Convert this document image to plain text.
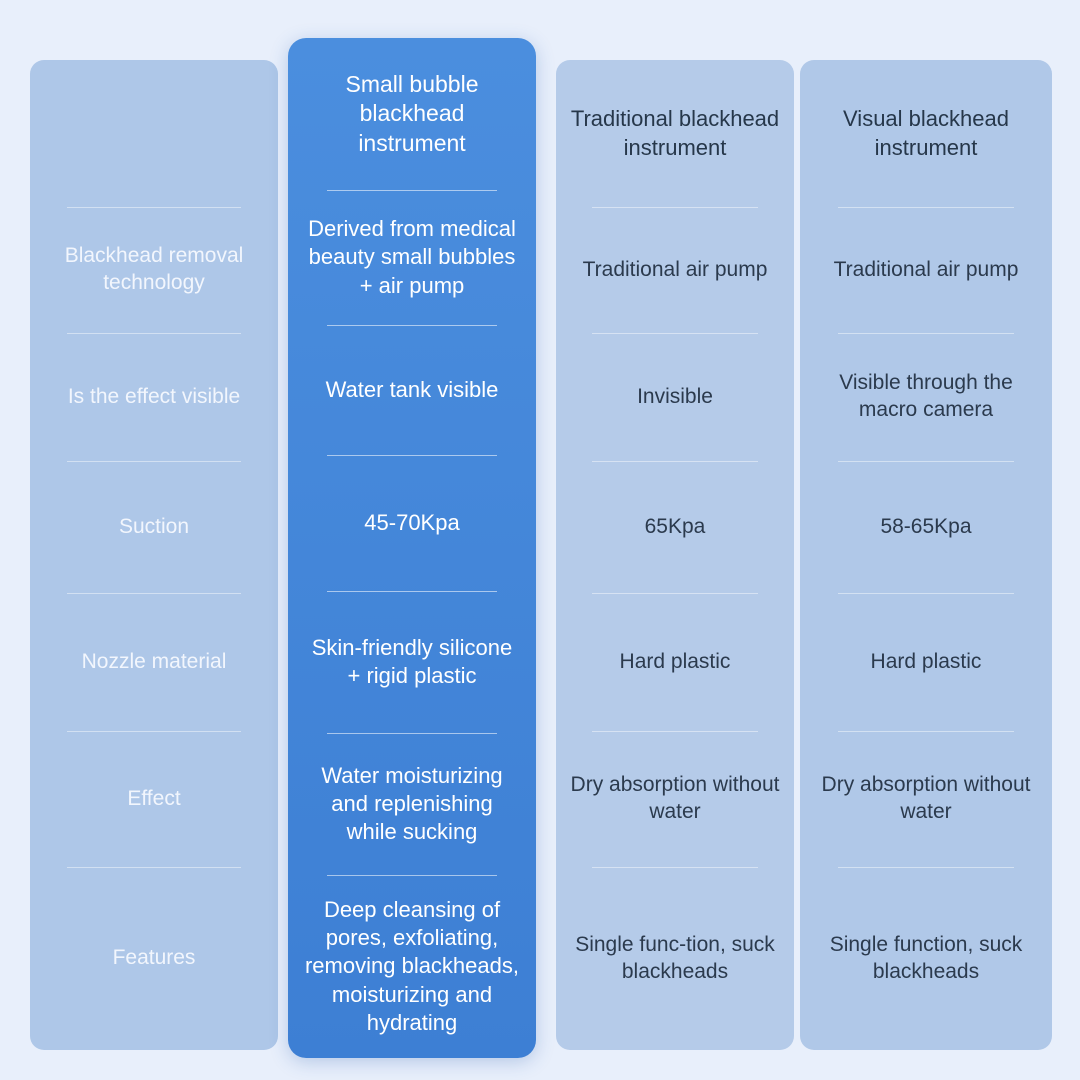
Blackhead removal technology
Is the effect visible
Suction
Nozzle material
Effect
Features
Small bubble blackhead instrument
Derived from medical beauty small bubbles + air pump
Water tank visible
45-70Kpa
Skin-friendly silicone + rigid plastic
Water moisturizing and replenishing while sucking
Deep cleansing of pores, exfoliating, removing blackheads, moisturizing and hydrating
Traditional blackhead instrument
Traditional air pump
Invisible
65Kpa
Hard plastic
Dry absorption without water
Single func-tion, suck blackheads
Visual blackhead instrument
Traditional air pump
Visible through the macro camera
58-65Kpa
Hard plastic
Dry absorption without water
Single function, suck blackheads
